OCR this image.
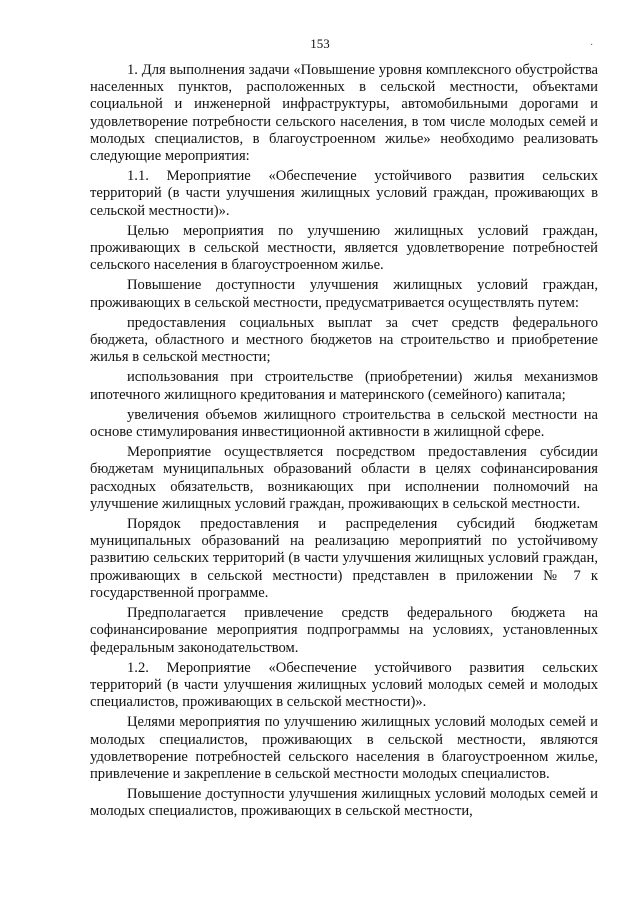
153	·

1. Для выполнения задачи «Повышение уровня комплексного обустройства населенных пунктов, расположенных в сельской местности, объектами социальной и инженерной инфраструктуры, автомобильными дорогами и удовлетворение потребности сельского населения, в том числе молодых семей и молодых специалистов, в благоустроенном жилье» необходимо реализовать следующие мероприятия:

1.1. Мероприятие «Обеспечение устойчивого развития сельских территорий (в части улучшения жилищных условий граждан, проживающих в сельской местности)».

Целью мероприятия по улучшению жилищных условий граждан, проживающих в сельской местности, является удовлетворение потребностей сельского населения в благоустроенном жилье.

Повышение доступности улучшения жилищных условий граждан, проживающих в сельской местности, предусматривается осуществлять путем:

предоставления социальных выплат за счет средств федерального бюджета, областного и местного бюджетов на строительство и приобретение жилья в сельской местности;

использования при строительстве (приобретении) жилья механизмов ипотечного жилищного кредитования и материнского (семейного) капитала;

увеличения объемов жилищного строительства в сельской местности на основе стимулирования инвестиционной активности в жилищной сфере.

Мероприятие осуществляется посредством предоставления субсидии бюджетам муниципальных образований области в целях софинансирования расходных обязательств, возникающих при исполнении полномочий на улучшение жилищных условий граждан, проживающих в сельской местности.

Порядок предоставления и распределения субсидий бюджетам муниципальных образований на реализацию мероприятий по устойчивому развитию сельских территорий (в части улучшения жилищных условий граждан, проживающих в сельской местности) представлен в приложении № 7 к государственной программе.

Предполагается привлечение средств федерального бюджета на софинансирование мероприятия подпрограммы на условиях, установленных федеральным законодательством.

1.2. Мероприятие «Обеспечение устойчивого развития сельских территорий (в части улучшения жилищных условий молодых семей и молодых специалистов, проживающих в сельской местности)».

Целями мероприятия по улучшению жилищных условий молодых семей и молодых специалистов, проживающих в сельской местности, являются удовлетворение потребностей сельского населения в благоустроенном жилье, привлечение и закрепление в сельской местности молодых специалистов.

Повышение доступности улучшения жилищных условий молодых семей и молодых специалистов, проживающих в сельской местности,
